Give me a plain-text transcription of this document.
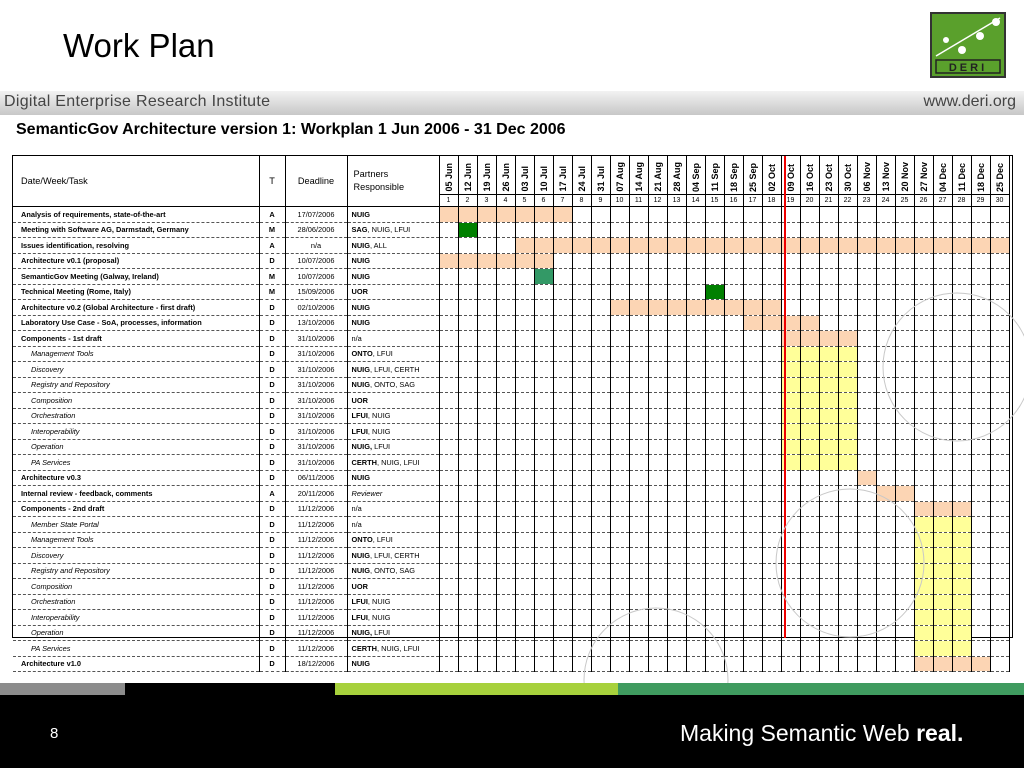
Work Plan
DERI
Digital Enterprise Research Institute	www.deri.org
SemanticGov Architecture version 1: Workplan 1 Jun 2006 - 31 Dec 2006
Date/Week/Task	T	Deadline	Partners Responsible	05 Jun	12 Jun	19 Jun	26 Jun	03 Jul	10 Jul	17 Jul	24 Jul	31 Jul	07 Aug	14 Aug	21 Aug	28 Aug	04 Sep	11 Sep	18 Sep	25 Sep	02 Oct	09 Oct	16 Oct	23 Oct	30 Oct	06 Nov	13 Nov	20 Nov	27 Nov	04 Dec	11 Dec	18 Dec	25 Dec

				1	2	3	4	5	6	7	8	9	10	11	12	13	14	15	16	17	18	19	20	21	22	23	24	25	26	27	28	29	30
Analysis of requirements, state-of-the-art	A	17/07/2006	NUIG																														
Meeting with Software AG, Darmstadt, Germany	M	28/06/2006	SAG, NUIG, LFUI																														
Issues identification, resolving	A	n/a	NUIG, ALL																														
Architecture v0.1 (proposal)	D	10/07/2006	NUIG																														
SemanticGov Meeting (Galway, Ireland)	M	10/07/2006	NUIG																														
Technical Meeting (Rome, Italy)	M	15/09/2006	UOR																														
Architecture v0.2 (Global Architecture - first draft)	D	02/10/2006	NUIG																														
Laboratory Use Case - SoA, processes, information	D	13/10/2006	NUIG																														
Components - 1st draft	D	31/10/2006	n/a																														
Management Tools	D	31/10/2006	ONTO, LFUI																														
Discovery	D	31/10/2006	NUIG, LFUI, CERTH																														
Registry and Repository	D	31/10/2006	NUIG, ONTO, SAG																														
Composition	D	31/10/2006	UOR																														
Orchestration	D	31/10/2006	LFUI, NUIG																														
Interoperability	D	31/10/2006	LFUI, NUIG																														
Operation	D	31/10/2006	NUIG, LFUI																														
PA Services	D	31/10/2006	CERTH, NUIG, LFUI																														
Architecture v0.3	D	06/11/2006	NUIG																														
Internal review - feedback, comments	A	20/11/2006	Reviewer																														
Components - 2nd draft	D	11/12/2006	n/a																														
Member State Portal	D	11/12/2006	n/a																														
Management Tools	D	11/12/2006	ONTO, LFUI																														
Discovery	D	11/12/2006	NUIG, LFUI, CERTH																														
Registry and Repository	D	11/12/2006	NUIG, ONTO, SAG																														
Composition	D	11/12/2006	UOR																														
Orchestration	D	11/12/2006	LFUI, NUIG																														
Interoperability	D	11/12/2006	LFUI, NUIG																														
Operation	D	11/12/2006	NUIG, LFUI																														
PA Services	D	11/12/2006	CERTH, NUIG, LFUI																														
Architecture v1.0	D	18/12/2006	NUIG																														
8	Making Semantic Web real.
